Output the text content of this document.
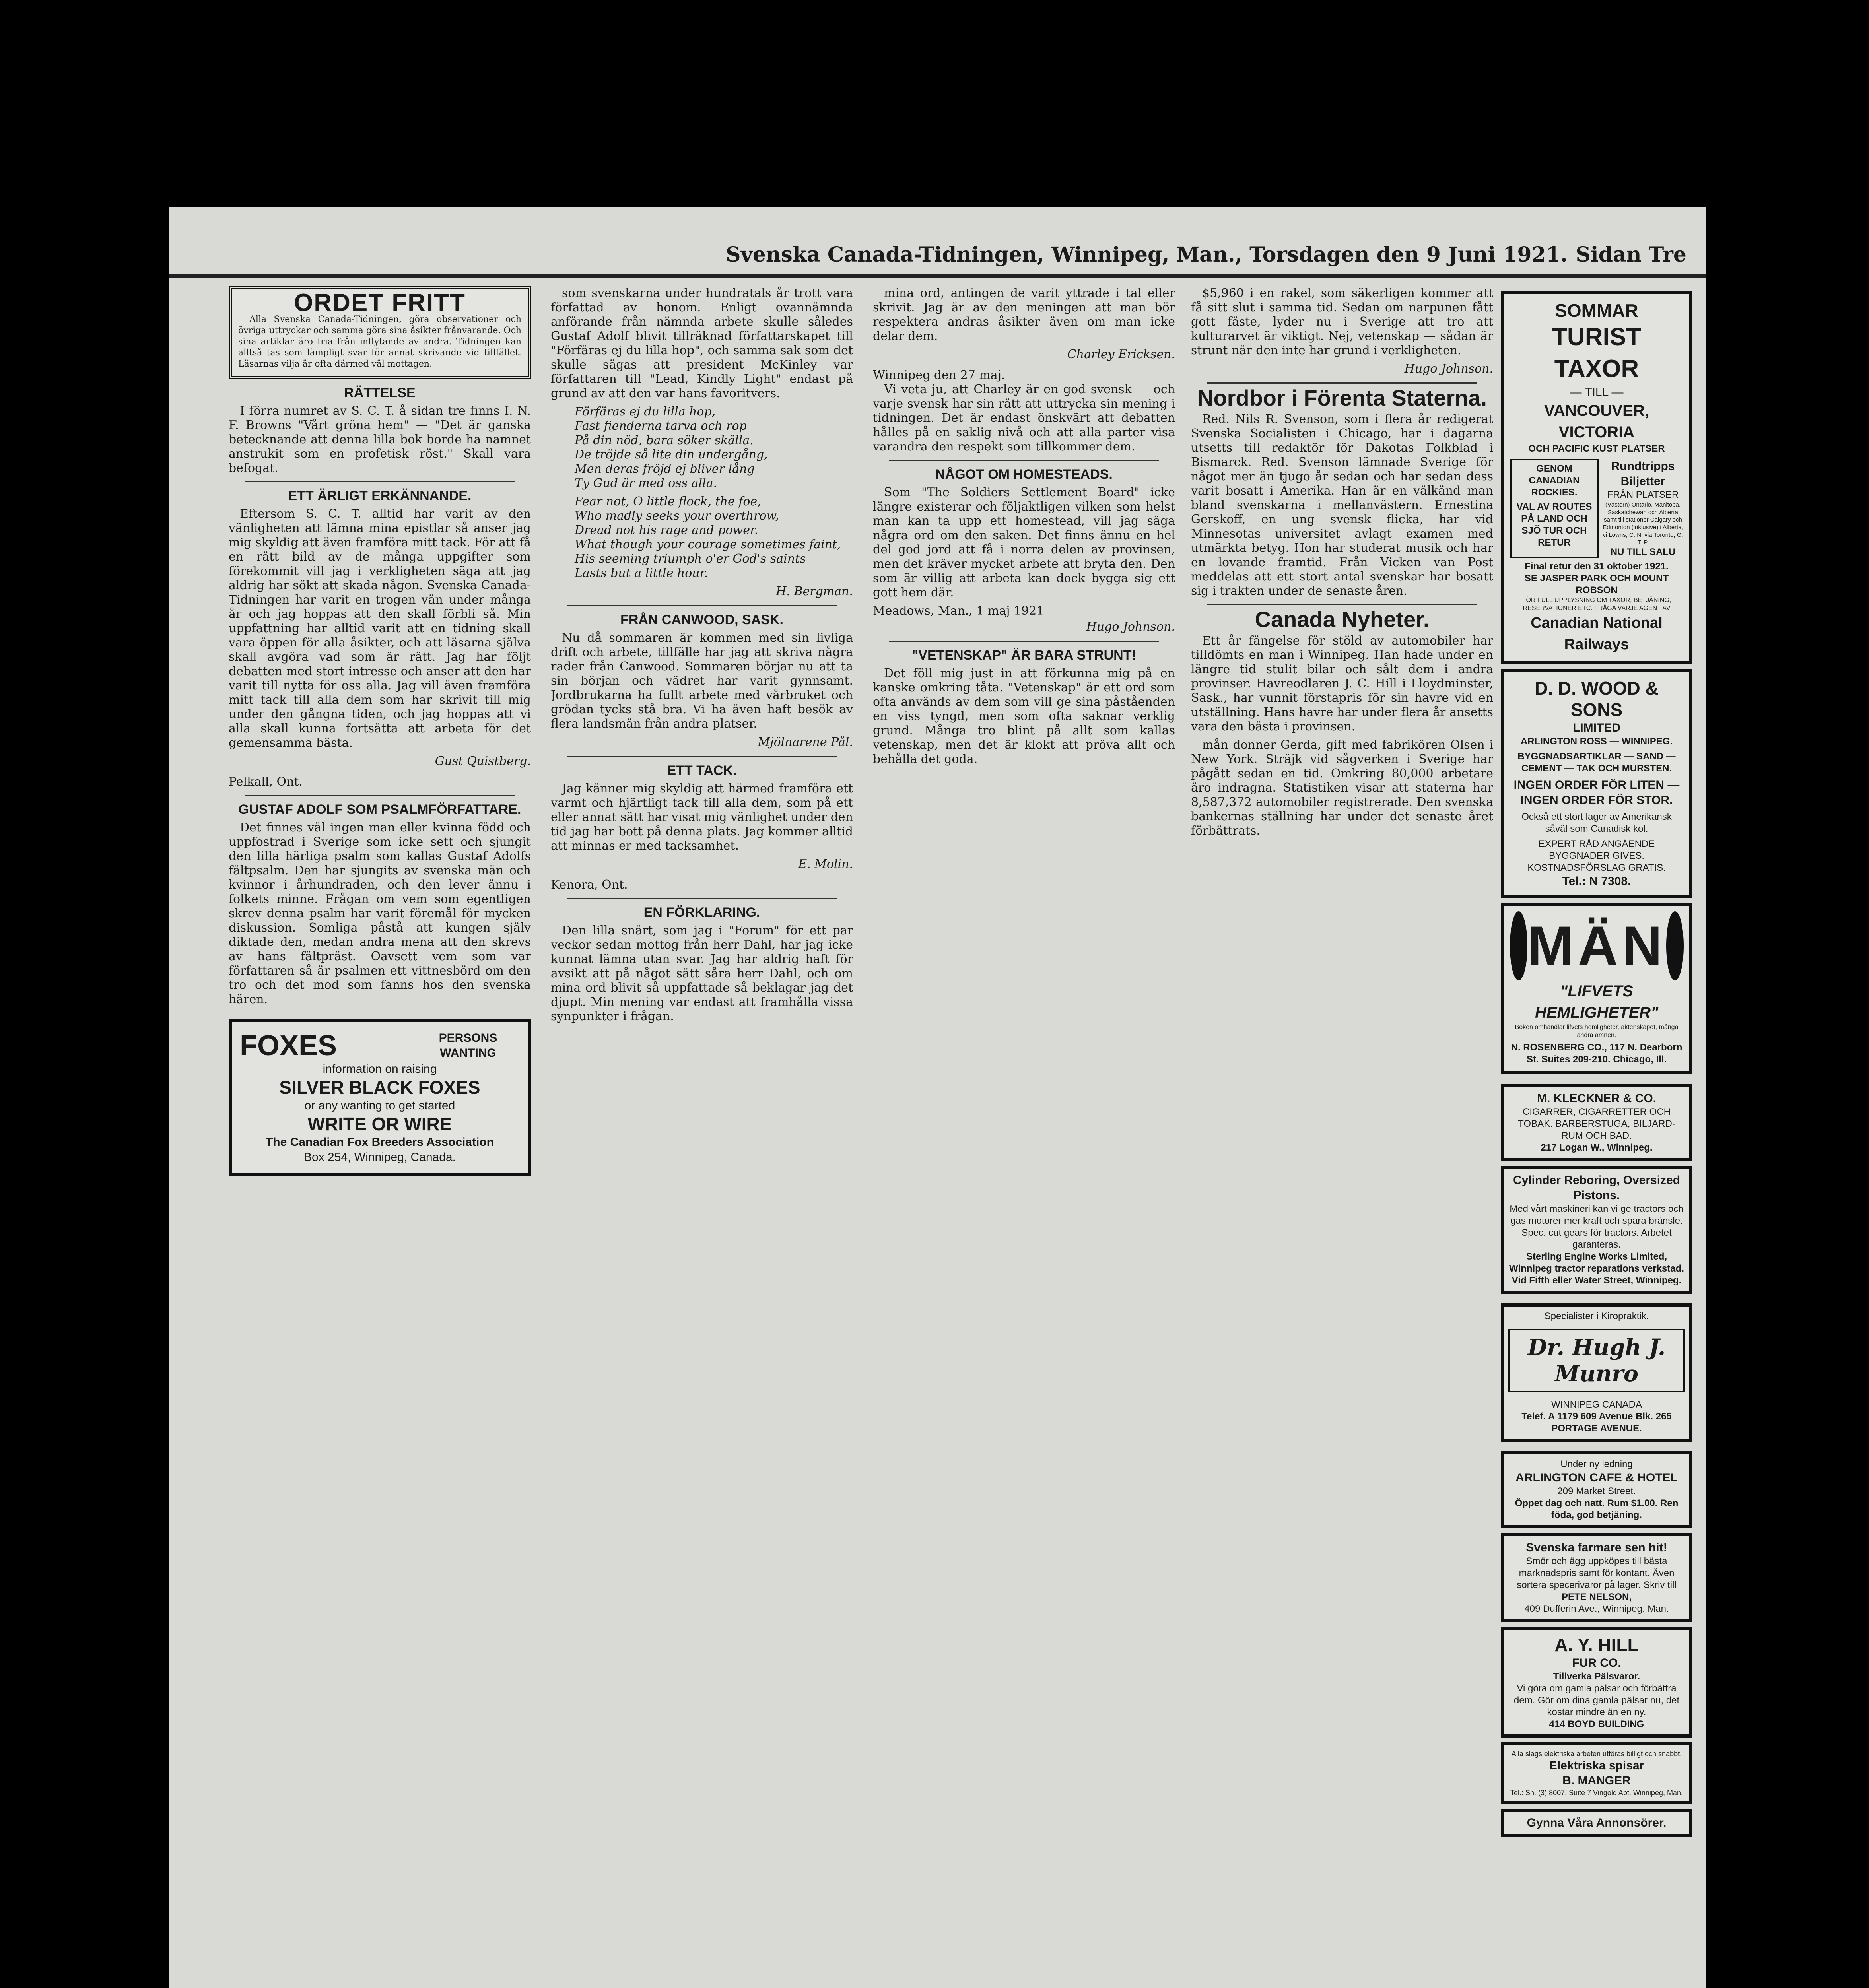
Svenska Canada-Tidningen, Winnipeg, Man., Torsdagen den 9 Juni 1921. Sidan Tre
ORDET FRITT

Alla Svenska Canada-Tidningen, göra observationer och övriga uttryckar och samma göra sina åsikter frånvarande. Och sina artiklar äro fria från inflytande av andra. Tidningen kan alltså tas som lämpligt svar för annat skrivande vid tillfället. Läsarnas vilja är ofta därmed väl mottagen.

RÄTTELSE

I förra numret av S. C. T. å sidan tre finns I. N. F. Browns "Vårt gröna hem" — "Det är ganska betecknande att denna lilla bok borde ha namnet anstrukit som en profetisk röst." Skall vara befogat.

ETT ÄRLIGT ERKÄNNANDE.

Eftersom S. C. T. alltid har varit av den vänligheten att lämna mina epistlar så anser jag mig skyldig att även framföra mitt tack. För att få en rätt bild av de många uppgifter som förekommit vill jag i verkligheten säga att jag aldrig har sökt att skada någon. Svenska Canada-Tidningen har varit en trogen vän under många år och jag hoppas att den skall förbli så. Min uppfattning har alltid varit att en tidning skall vara öppen för alla åsikter, och att läsarna själva skall avgöra vad som är rätt. Jag har följt debatten med stort intresse och anser att den har varit till nytta för oss alla. Jag vill även framföra mitt tack till alla dem som har skrivit till mig under den gångna tiden, och jag hoppas att vi alla skall kunna fortsätta att arbeta för det gemensamma bästa.

Gust Quistberg.
Pelkall, Ont.
GUSTAF ADOLF SOM PSALMFÖRFATTARE.

Det finnes väl ingen man eller kvinna född och uppfostrad i Sverige som icke sett och sjungit den lilla härliga psalm som kallas Gustaf Adolfs fältpsalm. Den har sjungits av svenska män och kvinnor i århundraden, och den lever ännu i folkets minne. Frågan om vem som egentligen skrev denna psalm har varit föremål för mycken diskussion. Somliga påstå att kungen själv diktade den, medan andra mena att den skrevs av hans fältpräst. Oavsett vem som var författaren så är psalmen ett vittnesbörd om den tro och det mod som fanns hos den svenska hären.

FOXES	PERSONS WANTING
information on raising
SILVER BLACK FOXES
or any wanting to get started
WRITE OR WIRE
The Canadian Fox Breeders Association
Box 254, Winnipeg, Canada.

som svenskarna under hundratals år trott vara författad av honom. Enligt ovannämnda anförande från nämnda arbete skulle således Gustaf Adolf blivit tillräknad författarskapet till "Förfäras ej du lilla hop", och samma sak som det skulle sägas att president McKinley var författaren till "Lead, Kindly Light" endast på grund av att den var hans favoritvers.

Förfäras ej du lilla hop,
Fast fienderna tarva och rop
På din nöd, bara söker skälla.
De tröjde så lite din undergång,
Men deras fröjd ej bliver lång
Ty Gud är med oss alla.

Fear not, O little flock, the foe,
Who madly seeks your overthrow,
Dread not his rage and power.
What though your courage sometimes faint,
His seeming triumph o'er God's saints
Lasts but a little hour.

H. Bergman.
FRÅN CANWOOD, SASK.

Nu då sommaren är kommen med sin livliga drift och arbete, tillfälle har jag att skriva några rader från Canwood. Sommaren börjar nu att ta sin början och vädret har varit gynnsamt. Jordbrukarna ha fullt arbete med vårbruket och grödan tycks stå bra. Vi ha även haft besök av flera landsmän från andra platser.

Mjölnarene Pål.
ETT TACK.

Jag känner mig skyldig att härmed framföra ett varmt och hjärtligt tack till alla dem, som på ett eller annat sätt har visat mig vänlighet under den tid jag har bott på denna plats. Jag kommer alltid att minnas er med tacksamhet.

E. Molin.
Kenora, Ont.
EN FÖRKLARING.

Den lilla snärt, som jag i "Forum" för ett par veckor sedan mottog från herr Dahl, har jag icke kunnat lämna utan svar. Jag har aldrig haft för avsikt att på något sätt såra herr Dahl, och om mina ord blivit så uppfattade så beklagar jag det djupt. Min mening var endast att framhålla vissa synpunkter i frågan.

mina ord, antingen de varit yttrade i tal eller skrivit. Jag är av den meningen att man bör respektera andras åsikter även om man icke delar dem.

Charley Ericksen.
Winnipeg den 27 maj.

Vi veta ju, att Charley är en god svensk — och varje svensk har sin rätt att uttrycka sin mening i tidningen. Det är endast önskvärt att debatten hålles på en saklig nivå och att alla parter visa varandra den respekt som tillkommer dem.

NÅGOT OM HOMESTEADS.

Som "The Soldiers Settlement Board" icke längre existerar och följaktligen vilken som helst man kan ta upp ett homestead, vill jag säga några ord om den saken. Det finns ännu en hel del god jord att få i norra delen av provinsen, men det kräver mycket arbete att bryta den. Den som är villig att arbeta kan dock bygga sig ett gott hem där.

Meadows, Man., 1 maj 1921
Hugo Johnson.
"VETENSKAP" ÄR BARA STRUNT!

Det föll mig just in att förkunna mig på en kanske omkring tåta. "Vetenskap" är ett ord som ofta används av dem som vill ge sina påståenden en viss tyngd, men som ofta saknar verklig grund. Många tro blint på allt som kallas vetenskap, men det är klokt att pröva allt och behålla det goda.

$5,960 i en rakel, som säkerligen kommer att få sitt slut i samma tid. Sedan om narpunen fått gott fäste, lyder nu i Sverige att tro att kulturarvet är viktigt. Nej, vetenskap — sådan är strunt när den inte har grund i verkligheten.

Hugo Johnson.
Nordbor i Förenta Staterna.

Red. Nils R. Svenson, som i flera år redigerat Svenska Socialisten i Chicago, har i dagarna utsetts till redaktör för Dakotas Folkblad i Bismarck. Red. Svenson lämnade Sverige för något mer än tjugo år sedan och har sedan dess varit bosatt i Amerika. Han är en välkänd man bland svenskarna i mellanvästern. Ernestina Gerskoff, en ung svensk flicka, har vid Minnesotas universitet avlagt examen med utmärkta betyg. Hon har studerat musik och har en lovande framtid. Från Vicken van Post meddelas att ett stort antal svenskar har bosatt sig i trakten under de senaste åren.

Canada Nyheter.

Ett år fängelse för stöld av automobiler har tilldömts en man i Winnipeg. Han hade under en längre tid stulit bilar och sålt dem i andra provinser. Havreodlaren J. C. Hill i Lloydminster, Sask., har vunnit förstapris för sin havre vid en utställning. Hans havre har under flera år ansetts vara den bästa i provinsen.

mån donner Gerda, gift med fabrikören Olsen i New York. Sträjk vid sågverken i Sverige har pågått sedan en tid. Omkring 80,000 arbetare äro indragna. Statistiken visar att staterna har 8,587,372 automobiler registrerade. Den svenska bankernas ställning har under det senaste året förbättrats.

SOMMAR
TURIST TAXOR
— TILL —
VANCOUVER, VICTORIA
OCH PACIFIC KUST PLATSER
GENOM CANADIAN
ROCKIES.
VAL AV ROUTES PÅ LAND OCH SJÖ TUR OCH RETUR
Rundtripps Biljetter
FRÅN PLATSER
(Västern) Ontario, Manitoba, Saskatchewan och Alberta samt till stationer Calgary och Edmonton (inklusive) i Alberta, vi Lowns, C. N. via Toronto, G. T. P.
NU TILL SALU
Final retur den 31 oktober 1921.
SE JASPER PARK OCH MOUNT ROBSON
FÖR FULL UPPLYSNING OM TAXOR, BETJÄNING, RESERVATIONER ETC. FRÅGA VARJE AGENT AV
Canadian National Railways
D. D. WOOD & SONS
LIMITED
ARLINGTON ROSS — WINNIPEG.
BYGGNADSARTIKLAR — SAND — CEMENT — TAK OCH MURSTEN.
INGEN ORDER FÖR LITEN — INGEN ORDER FÖR STOR.
Också ett stort lager av Amerikansk såväl som Canadisk kol.
EXPERT RÅD ANGÅENDE BYGGNADER GIVES. KOSTNADSFÖRSLAG GRATIS.
Tel.: N 7308.
MÄN
"LIFVETS HEMLIGHETER"
Boken omhandlar lifvets hemligheter, äktenskapet, många andra ämnen.
N. ROSENBERG CO., 117 N. Dearborn St. Suites 209-210. Chicago, Ill.
M. KLECKNER & CO.
CIGARRER, CIGARRETTER OCH TOBAK. BARBERSTUGA, BILJARD-RUM OCH BAD.
217 Logan W., Winnipeg.
Cylinder Reboring, Oversized Pistons.
Med vårt maskineri kan vi ge tractors och gas motorer mer kraft och spara bränsle. Spec. cut gears för tractors. Arbetet garanteras.
Sterling Engine Works Limited, Winnipeg tractor reparations verkstad. Vid Fifth eller Water Street, Winnipeg.
Specialister i Kiropraktik.
Dr. Hugh J. Munro
WINNIPEG CANADA
Telef. A 1179 609 Avenue Blk. 265 PORTAGE AVENUE.
Under ny ledning
ARLINGTON CAFE & HOTEL
209 Market Street.
Öppet dag och natt. Rum $1.00. Ren föda, god betjäning.
Svenska farmare sen hit!
Smör och ägg uppköpes till bästa marknadspris samt för kontant. Även sortera specerivaror på lager. Skriv till
PETE NELSON,
409 Dufferin Ave., Winnipeg, Man.
A. Y. HILL
FUR CO.
Tillverka Pälsvaror.
Vi göra om gamla pälsar och förbättra dem. Gör om dina gamla pälsar nu, det kostar mindre än en ny.
414 BOYD BUILDING
Alla slags elektriska arbeten utföras billigt och snabbt.
Elektriska spisar
B. MANGER
Tel.: Sh. (3) 8007. Suite 7 Vingold Apt. Winnipeg, Man.
Gynna Våra Annonsörer.
